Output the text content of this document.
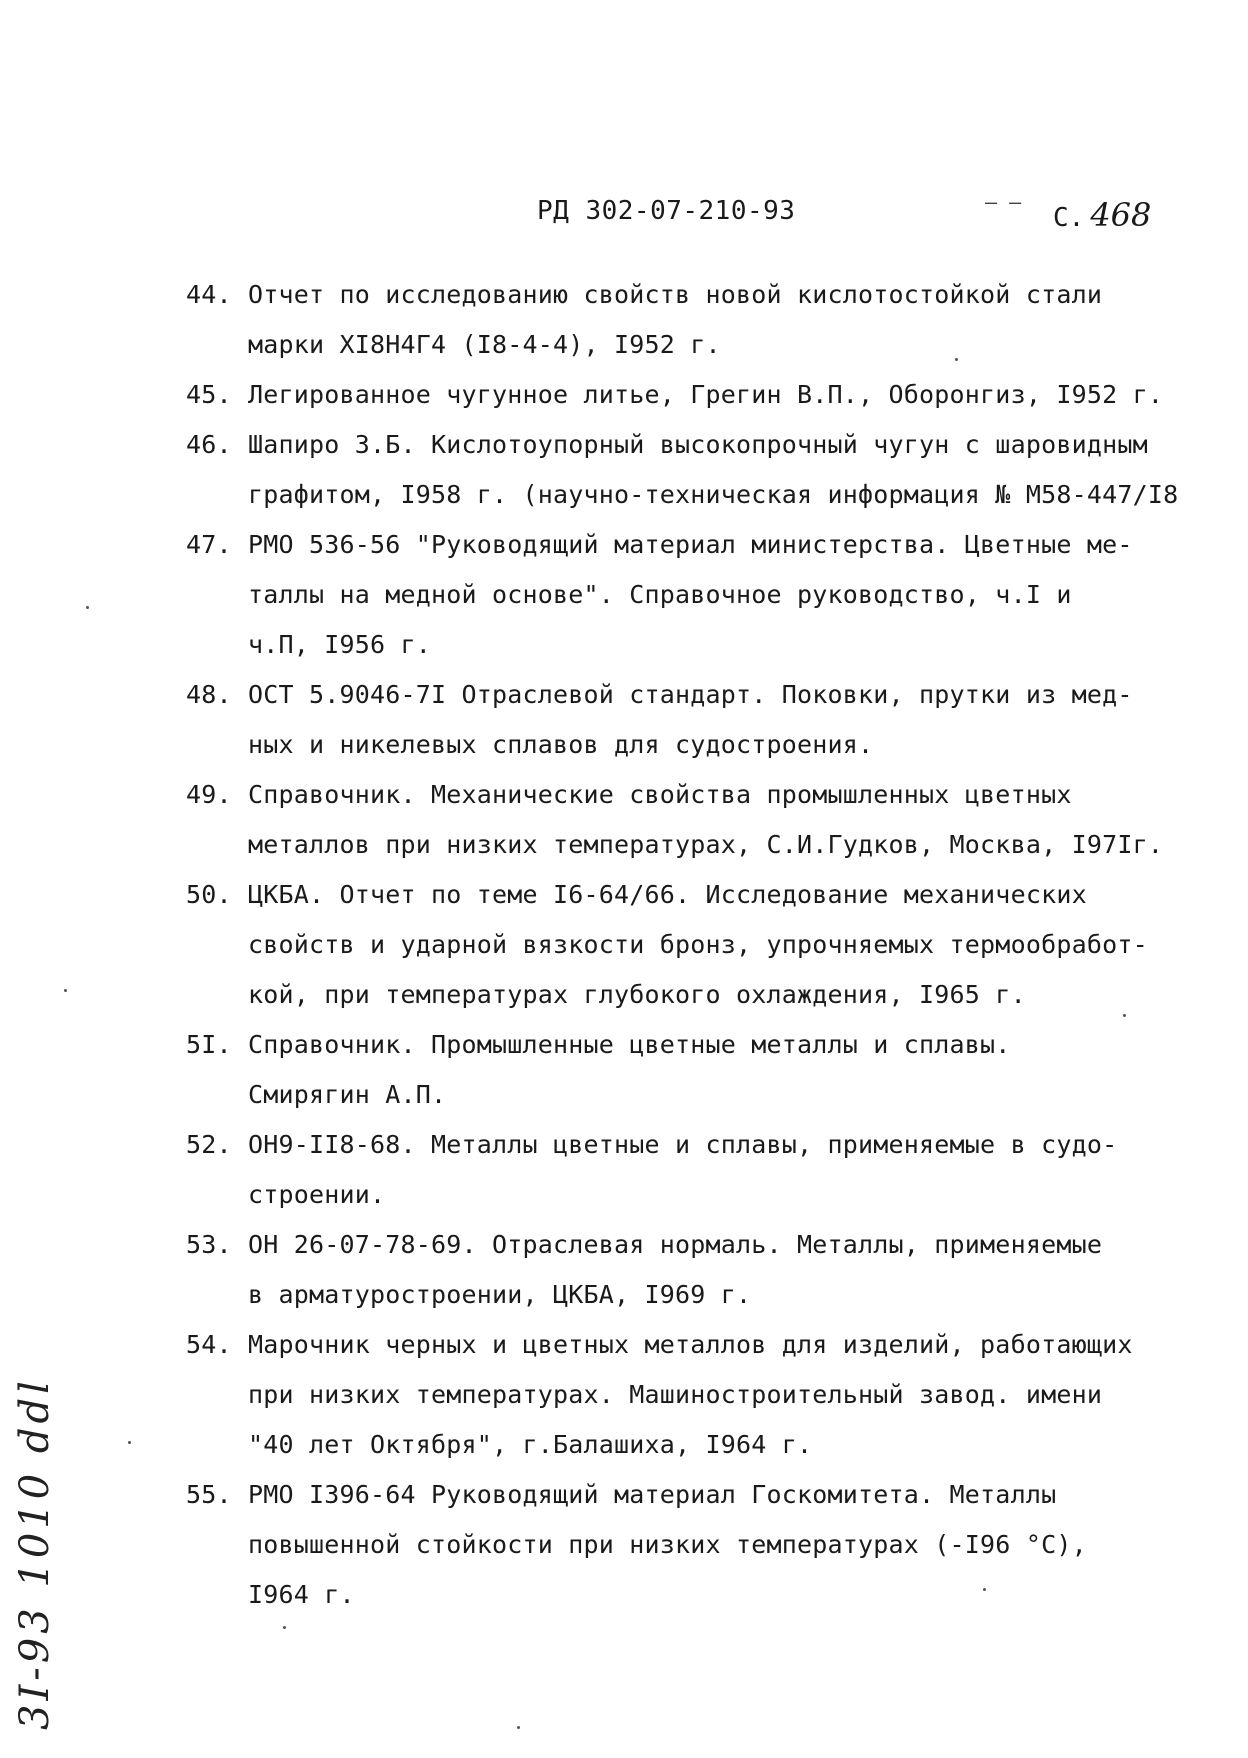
РД 302-07-210-93	– –
С. 468
44. Отчет по исследованию свойств новой кислотостойкой стали
марки ХI8Н4Г4 (I8-4-4), I952 г.
45. Легированное чугунное литье, Грегин В.П., Оборонгиз, I952 г.
46. Шапиро З.Б. Кислотоупорный высокопрочный чугун с шаровидным
графитом, I958 г. (научно-техническая информация № М58-447/I8
47. РМО 536-56 "Руководящий материал министерства. Цветные ме-
таллы на медной основе". Справочное руководство, ч.I и
ч.П, I956 г.
48. ОСТ 5.9046-7I Отраслевой стандарт. Поковки, прутки из мед-
ных и никелевых сплавов для судостроения.
49. Справочник. Механические свойства промышленных цветных
металлов при низких температурах, С.И.Гудков, Москва, I97Iг.
50. ЦКБА. Отчет по теме I6-64/66. Исследование механических
свойств и ударной вязкости бронз, упрочняемых термообработ-
кой, при температурах глубокого охлаждения, I965 г.
5I. Справочник. Промышленные цветные металлы и сплавы.
Смирягин А.П.
52. ОН9-II8-68. Металлы цветные и сплавы, применяемые в судо-
строении.
53. ОН 26-07-78-69. Отраслевая нормаль. Металлы, применяемые
в арматуростроении, ЦКБА, I969 г.
54. Марочник черных и цветных металлов для изделий, работающих
при низких температурах. Машиностроительный завод. имени
"40 лет Октября", г.Балашиха, I964 г.
55. РМО I396-64 Руководящий материал Госкомитета. Металлы
повышенной стойкости при низких температурах (-I96 °С),
I964 г.
3I-93 1010 ddl
